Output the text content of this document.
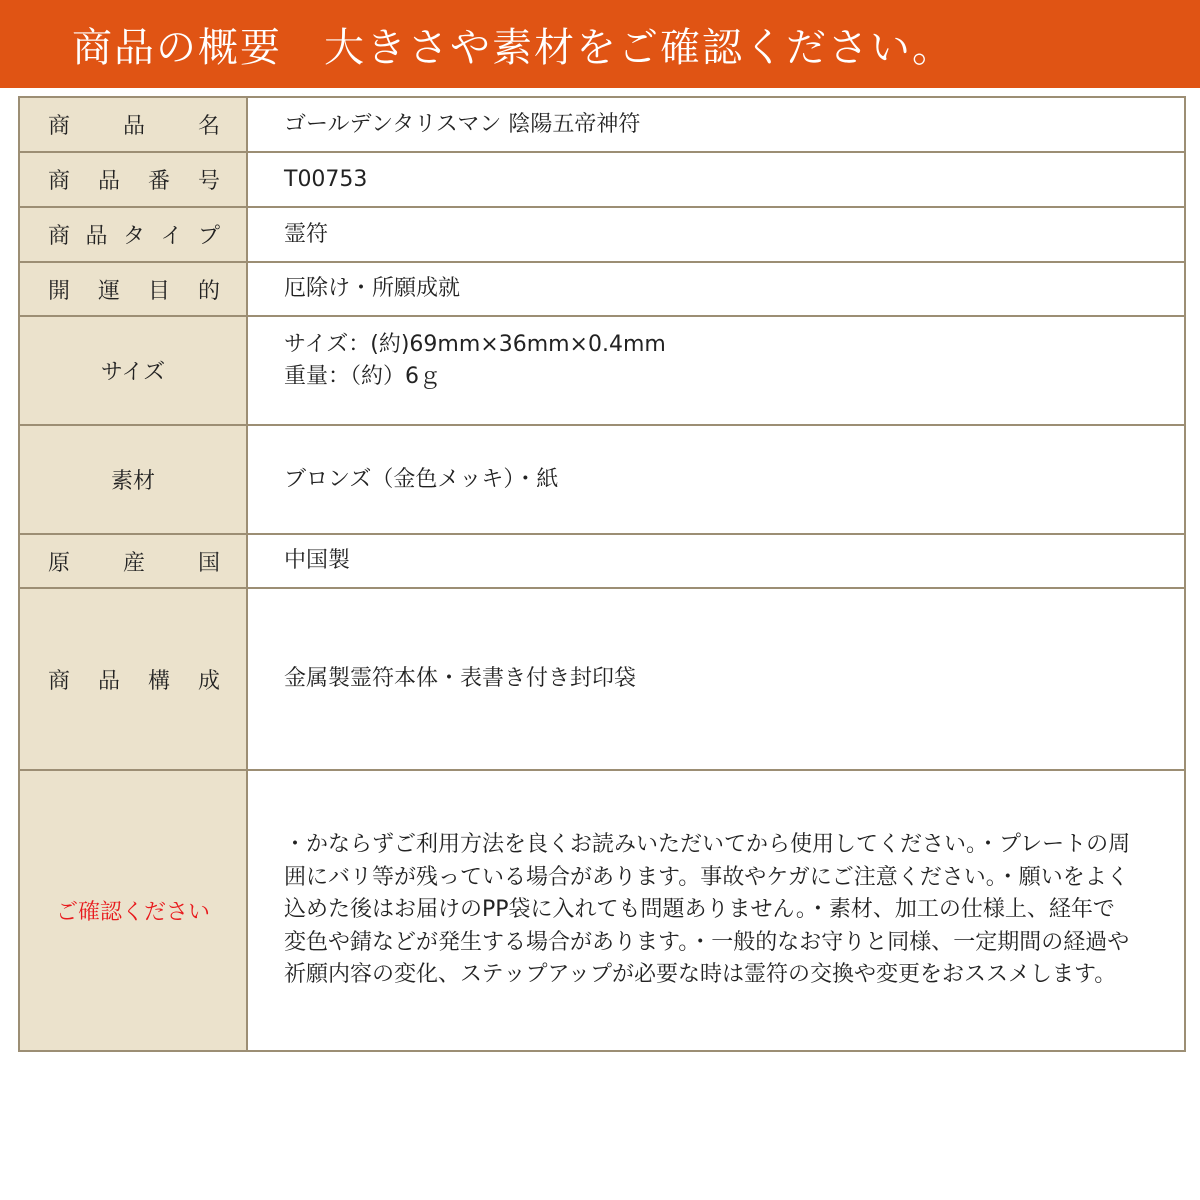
商品の概要　大きさや素材をご確認ください。
商 品 名	ゴールデンタリスマン 陰陽五帝神符

商 品 番 号	T00753

商 品 タ イ プ	霊符

開 運 目 的	厄除け・所願成就
サイズ	サイズ：(約)69mm×36mm×0.4mm
重量：（約）6ｇ

素材	ブロンズ（金色メッキ）・紙

原 産 国	中国製

商 品 構 成	金属製霊符本体・表書き付き封印袋
ご確認ください	・かならずご利用方法を良くお読みいただいてから使用してください。・プレートの周囲にバリ等が残っている場合があります。事故やケガにご注意ください。・願いをよく込めた後はお届けのPP袋に入れても問題ありません。・素材、加工の仕様上、経年で変色や錆などが発生する場合があります。・一般的なお守りと同様、一定期間の経過や祈願内容の変化、ステップアップが必要な時は霊符の交換や変更をおススメします。
